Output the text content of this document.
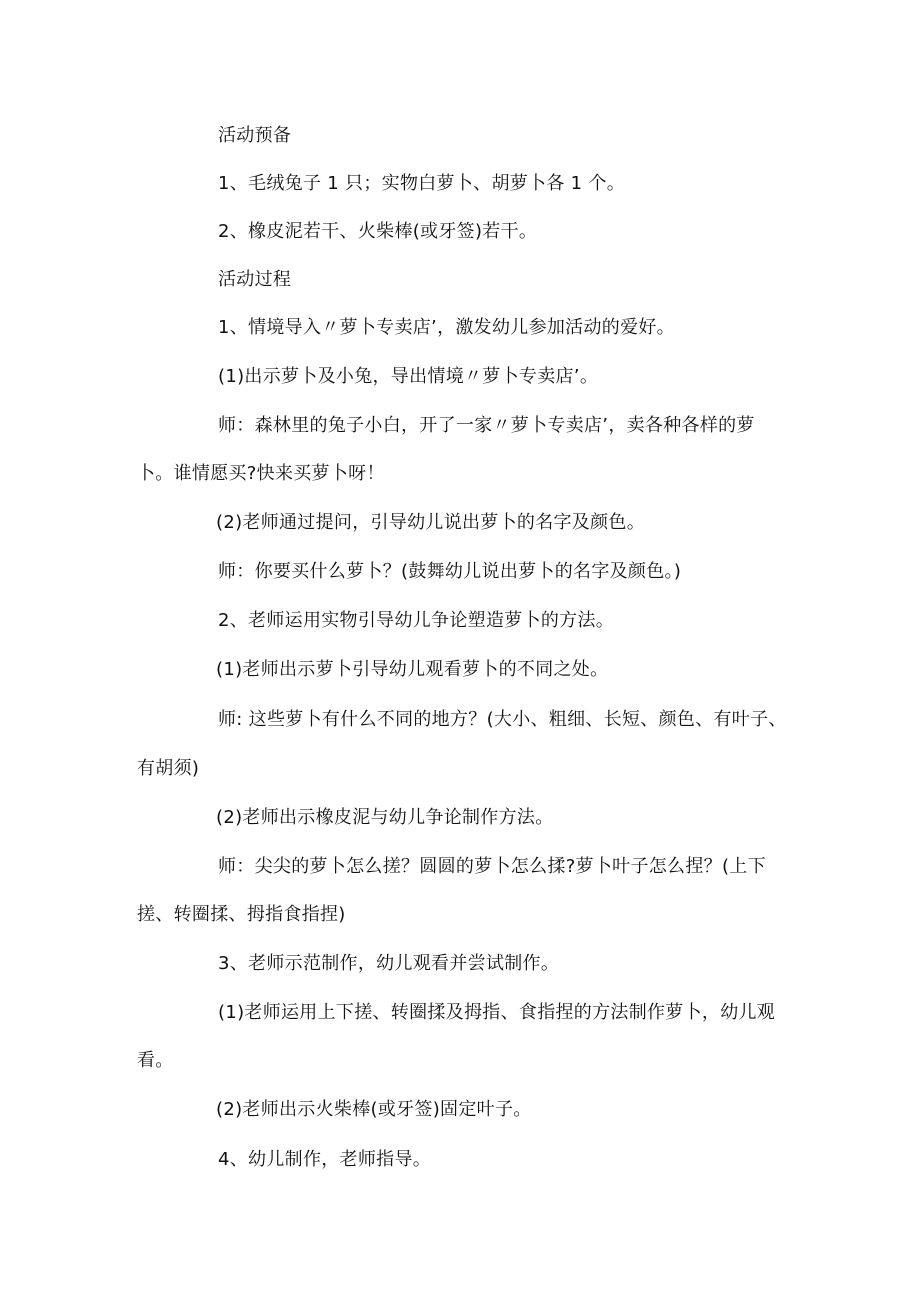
活动预备
1、毛绒兔子 1 只；实物白萝卜、胡萝卜各 1 个。
2、橡皮泥若干、火柴棒(或牙签)若干。
活动过程
1、情境导入〃萝卜专卖店’，激发幼儿参加活动的爱好。
(1)出示萝卜及小兔，导出情境〃萝卜专卖店’。
师：森林里的兔子小白，开了一家〃萝卜专卖店’，卖各种各样的萝
卜。谁情愿买?快来买萝卜呀！
(2)老师通过提问，引导幼儿说出萝卜的名字及颜色。
师：你要买什么萝卜？(鼓舞幼儿说出萝卜的名字及颜色。)
2、老师运用实物引导幼儿争论塑造萝卜的方法。
(1)老师出示萝卜引导幼儿观看萝卜的不同之处。
师: 这些萝卜有什么不同的地方？(大小、粗细、长短、颜色、有叶子、
有胡须)
(2)老师出示橡皮泥与幼儿争论制作方法。
师：尖尖的萝卜怎么搓？圆圆的萝卜怎么揉?萝卜叶子怎么捏？(上下
搓、转圈揉、拇指食指捏)
3、老师示范制作，幼儿观看并尝试制作。
(1)老师运用上下搓、转圈揉及拇指、食指捏的方法制作萝卜，幼儿观
看。
(2)老师出示火柴棒(或牙签)固定叶子。
4、幼儿制作，老师指导。
